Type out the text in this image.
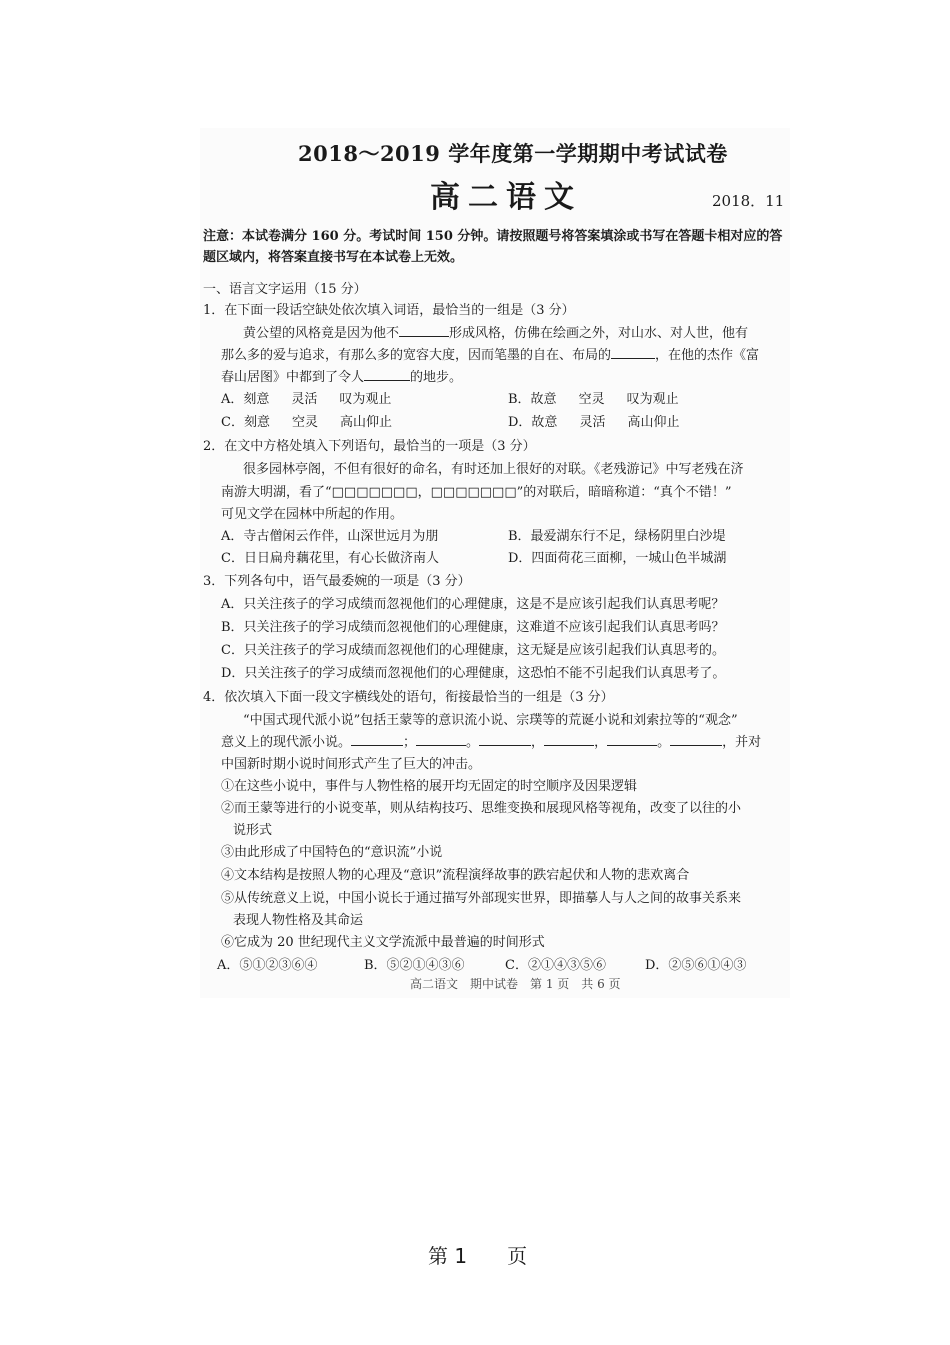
2018～2019 学年度第一学期期中考试试卷
高二语文	2018．11
注意：本试卷满分 160 分。考试时间 150 分钟。请按照题号将答案填涂或书写在答题卡相对应的答题区域内，将答案直接书写在本试卷上无效。
一、语言文字运用（15 分）
1．在下面一段话空缺处依次填入词语，最恰当的一组是（3 分）
黄公望的风格竟是因为他不	形成风格，仿佛在绘画之外，对山水、对人世，他有
那么多的爱与追求，有那么多的宽容大度，因而笔墨的自在、布局的	，在他的杰作《富
春山居图》中都到了令人	的地步。
A．刻意 灵活 叹为观止	B．故意 空灵 叹为观止
C．刻意 空灵 高山仰止	D．故意 灵活 高山仰止
2．在文中方格处填入下列语句，最恰当的一项是（3 分）
很多园林亭阁，不但有很好的命名，有时还加上很好的对联。《老残游记》中写老残在济
南游大明湖，看了“□□□□□□□，□□□□□□□”的对联后，暗暗称道：“真个不错！”
可见文学在园林中所起的作用。
A．寺古僧闲云作伴，山深世远月为朋	B．最爱湖东行不足，绿杨阴里白沙堤
C．日日扁舟藕花里，有心长做济南人	D．四面荷花三面柳，一城山色半城湖
3．下列各句中，语气最委婉的一项是（3 分）
A．只关注孩子的学习成绩而忽视他们的心理健康，这是不是应该引起我们认真思考呢？
B．只关注孩子的学习成绩而忽视他们的心理健康，这难道不应该引起我们认真思考吗？
C．只关注孩子的学习成绩而忽视他们的心理健康，这无疑是应该引起我们认真思考的。
D．只关注孩子的学习成绩而忽视他们的心理健康，这恐怕不能不引起我们认真思考了。
4．依次填入下面一段文字横线处的语句，衔接最恰当的一组是（3 分）
“中国式现代派小说”包括王蒙等的意识流小说、宗璞等的荒诞小说和刘索拉等的“观念”
意义上的现代派小说。	；	。	，	，	。	，并对
中国新时期小说时间形式产生了巨大的冲击。
①在这些小说中，事件与人物性格的展开均无固定的时空顺序及因果逻辑
②而王蒙等进行的小说变革，则从结构技巧、思维变换和展现风格等视角，改变了以往的小
说形式
③由此形成了中国特色的“意识流”小说
④文本结构是按照人物的心理及“意识”流程演绎故事的跌宕起伏和人物的悲欢离合
⑤从传统意义上说，中国小说长于通过描写外部现实世界，即描摹人与人之间的故事关系来
表现人物性格及其命运
⑥它成为 20 世纪现代主义文学流派中最普遍的时间形式
A．⑤①②③⑥④	B．⑤②①④③⑥	C．②①④③⑤⑥	D．②⑤⑥①④③
高二语文　期中试卷　第 1 页　共 6 页
第 1　　页
